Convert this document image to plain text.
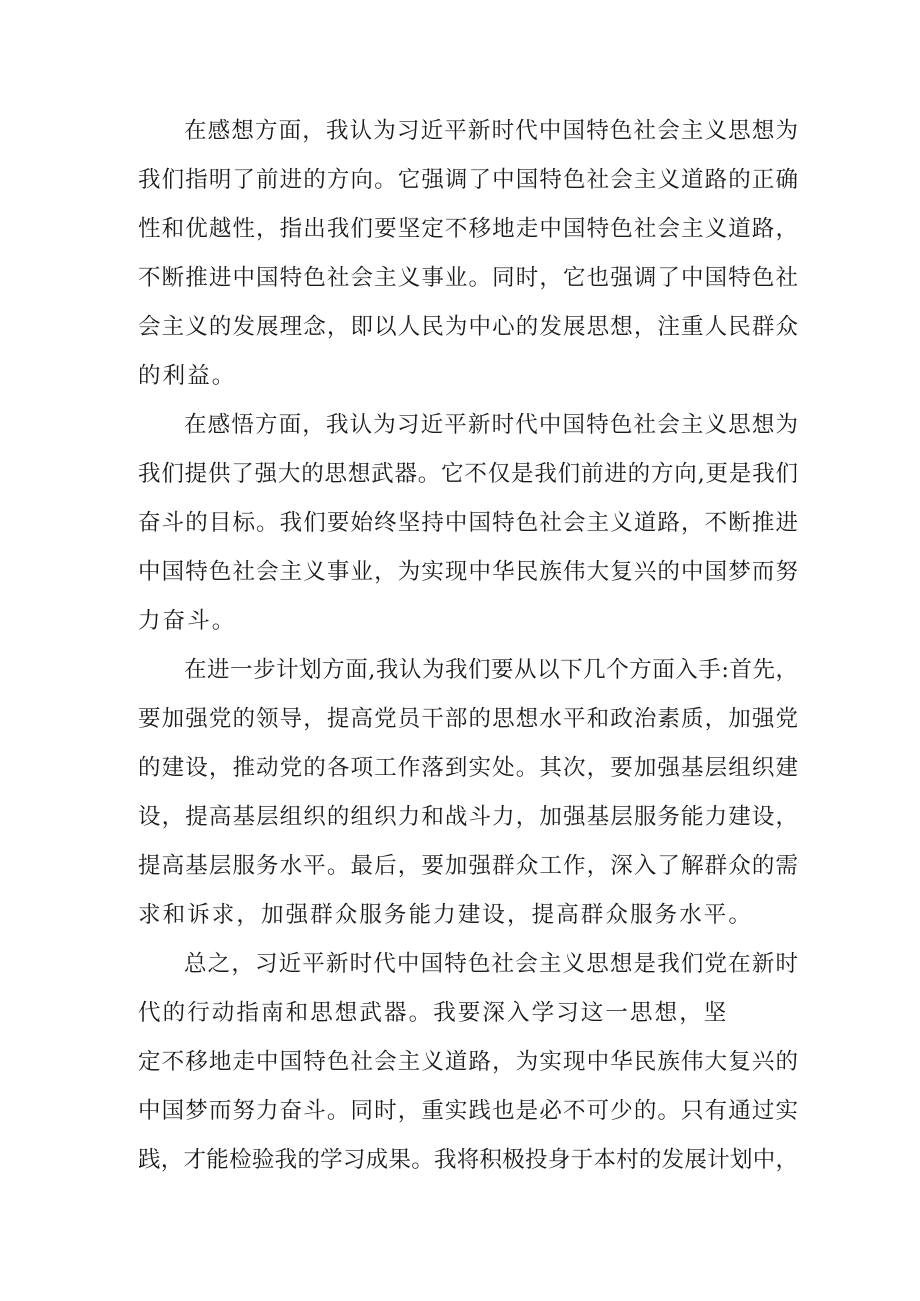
在感想方面，我认为习近平新时代中国特色社会主义思想为
我们指明了前进的方向。它强调了中国特色社会主义道路的正确
性和优越性，指出我们要坚定不移地走中国特色社会主义道路，
不断推进中国特色社会主义事业。同时，它也强调了中国特色社
会主义的发展理念，即以人民为中心的发展思想，注重人民群众
的利益。
在感悟方面，我认为习近平新时代中国特色社会主义思想为
我们提供了强大的思想武器。它不仅是我们前进的方向,更是我们
奋斗的目标。我们要始终坚持中国特色社会主义道路，不断推进
中国特色社会主义事业，为实现中华民族伟大复兴的中国梦而努
力奋斗。
在进一步计划方面,我认为我们要从以下几个方面入手:首先，
要加强党的领导，提高党员干部的思想水平和政治素质，加强党
的建设，推动党的各项工作落到实处。其次，要加强基层组织建
设，提高基层组织的组织力和战斗力，加强基层服务能力建设，
提高基层服务水平。最后，要加强群众工作，深入了解群众的需
求和诉求，加强群众服务能力建设，提高群众服务水平。
总之，习近平新时代中国特色社会主义思想是我们党在新时
代的行动指南和思想武器。我要深入学习这一思想，坚
定不移地走中国特色社会主义道路，为实现中华民族伟大复兴的
中国梦而努力奋斗。同时，重实践也是必不可少的。只有通过实
践，才能检验我的学习成果。我将积极投身于本村的发展计划中，
